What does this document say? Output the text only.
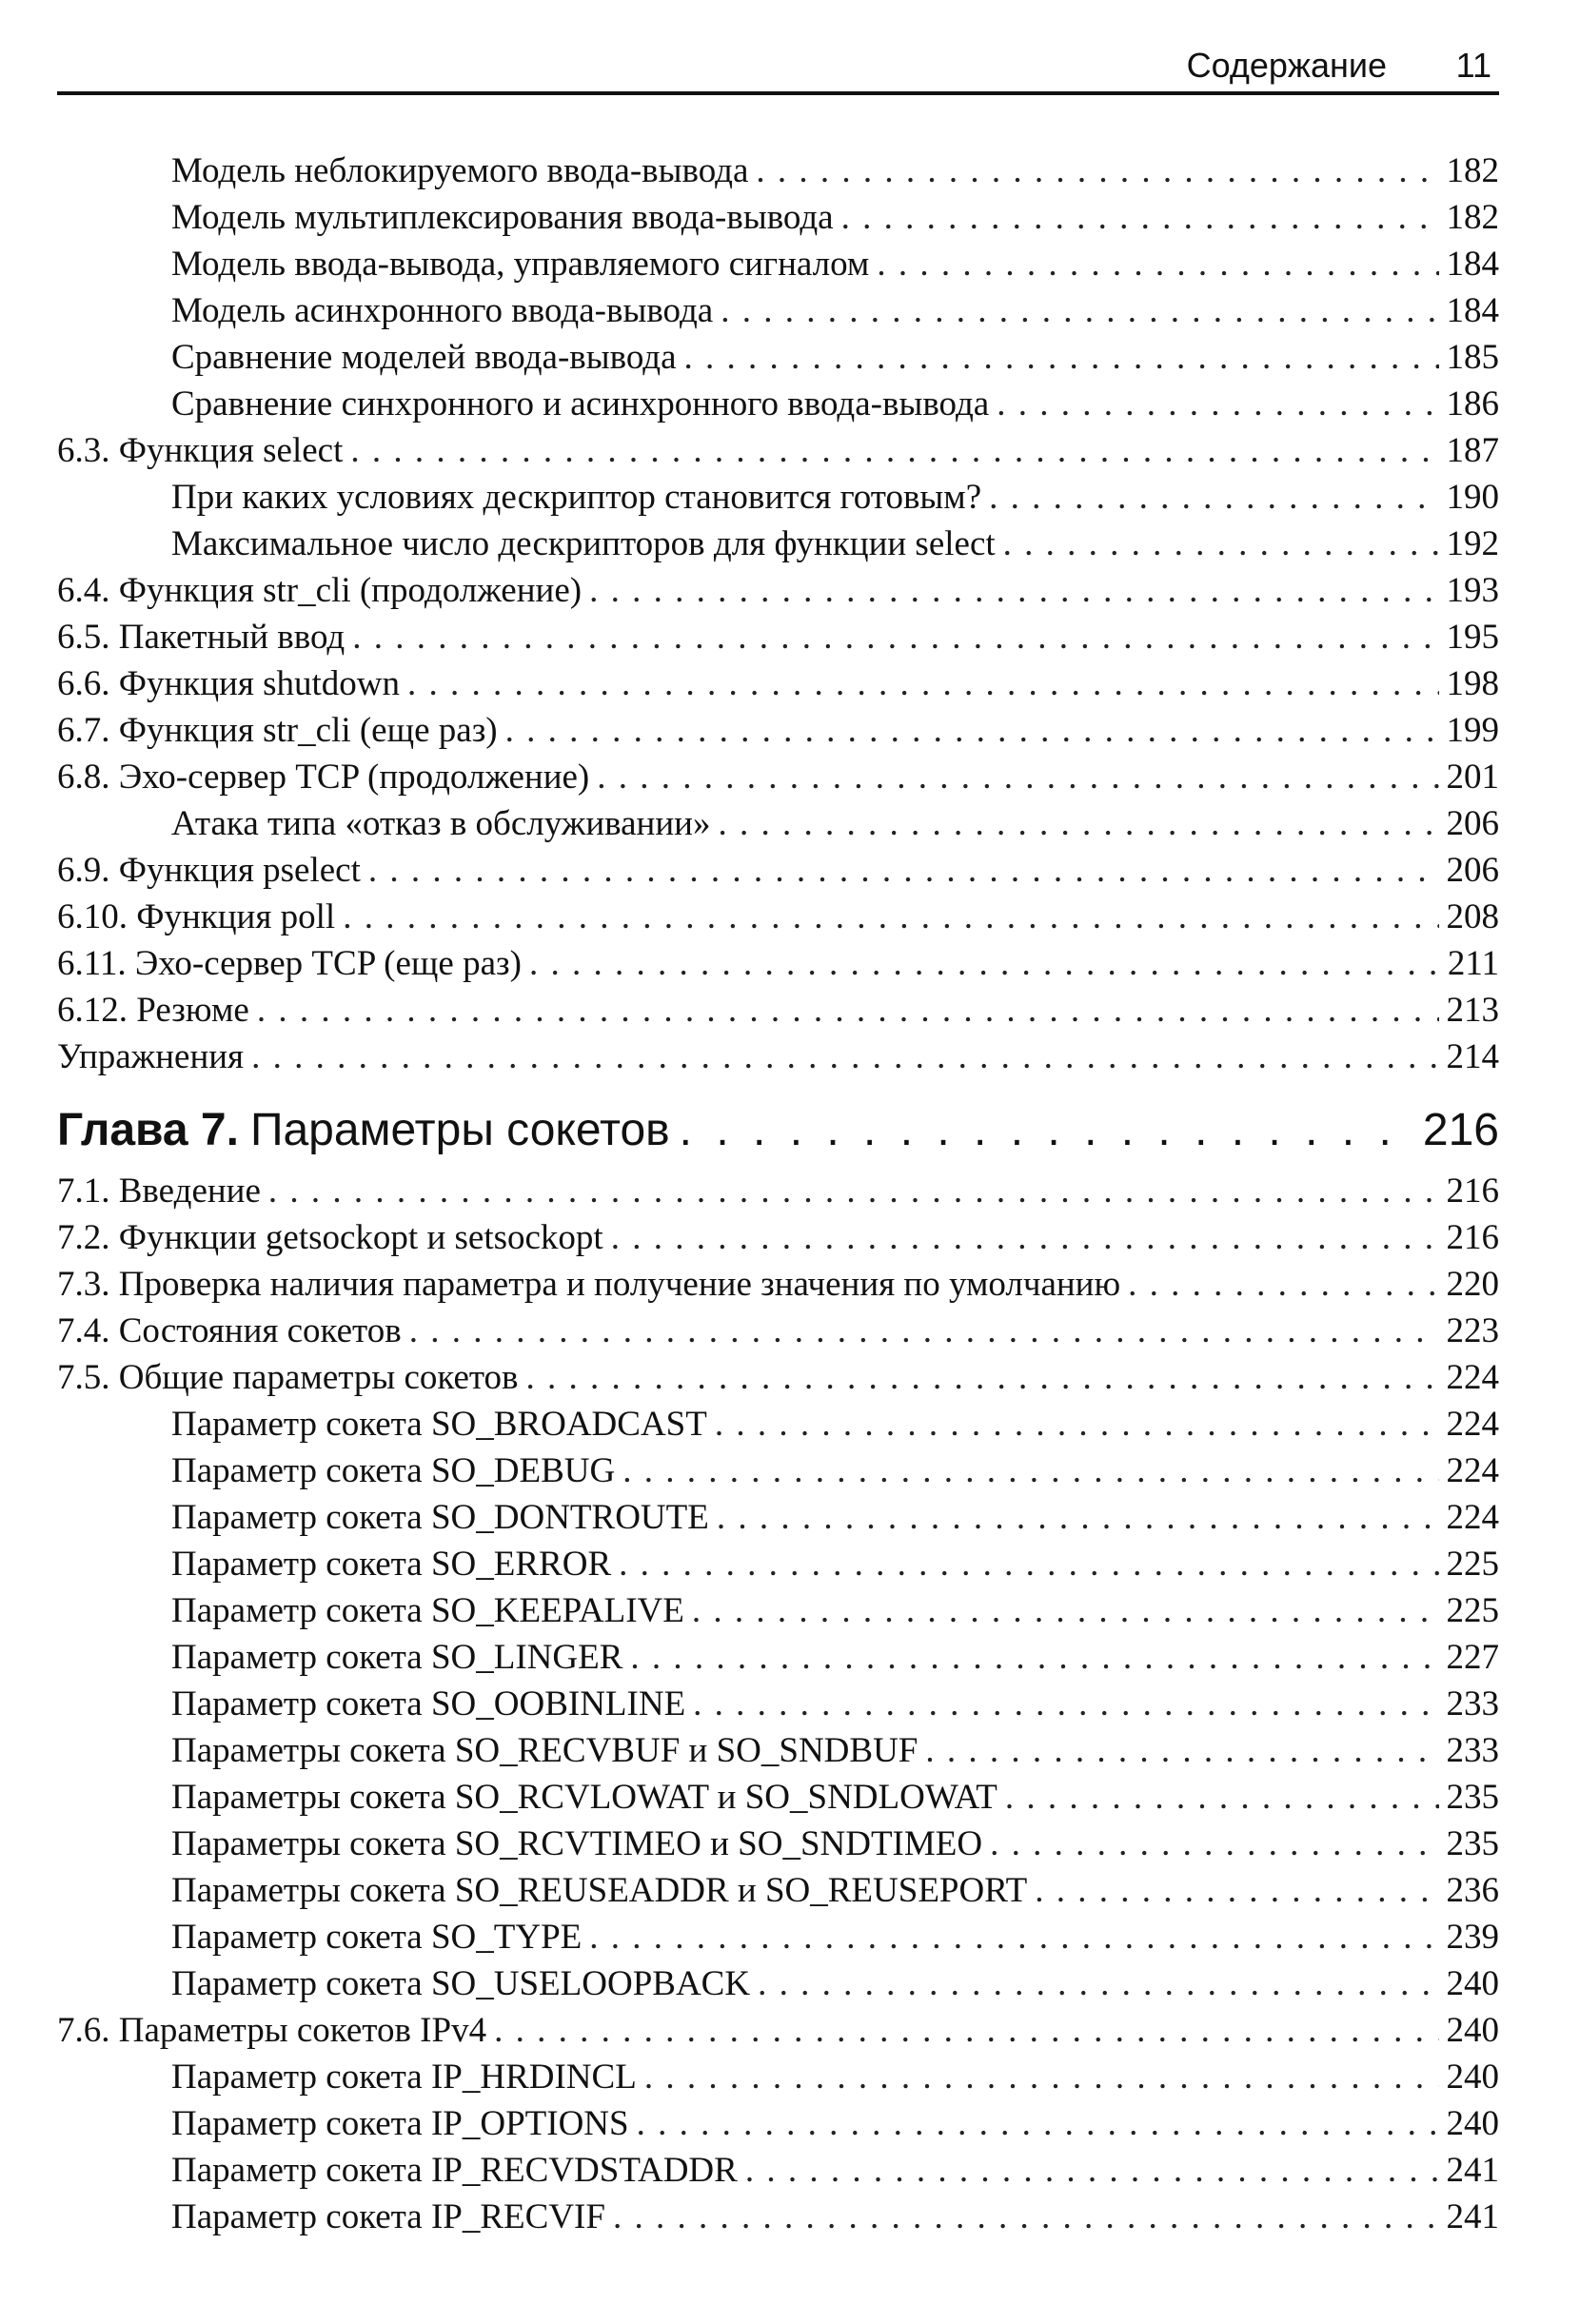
Содержание 11
Модель неблокируемого ввода-вывода . . .	182
Модель мультиплексирования ввода-вывода . . .	182
Модель ввода-вывода, управляемого сигналом . . .	184
Модель асинхронного ввода-вывода . . .	184
Сравнение моделей ввода-вывода . . .	185
Сравнение синхронного и асинхронного ввода-вывода . . .	186
6.3. Функция select . . .	187
При каких условиях дескриптор становится готовым? . . .	190
Максимальное число дескрипторов для функции select . . .	192
6.4. Функция str_cli (продолжение) . . .	193
6.5. Пакетный ввод . . .	195
6.6. Функция shutdown . . .	198
6.7. Функция str_cli (еще раз) . . .	199
6.8. Эхо-сервер TCP (продолжение) . . .	201
Атака типа «отказ в обслуживании» . . .	206
6.9. Функция pselect . . .	206
6.10. Функция poll . . .	208
6.11. Эхо-сервер TCP (еще раз) . . .	211
6.12. Резюме . . .	213
Упражнения . . .	214
Глава 7. Параметры сокетов . . .	216
7.1. Введение . . .	216
7.2. Функции getsockopt и setsockopt . . .	216
7.3. Проверка наличия параметра и получение значения по умолчанию . . .	220
7.4. Состояния сокетов . . .	223
7.5. Общие параметры сокетов . . .	224
Параметр сокета SO_BROADCAST . . .	224
Параметр сокета SO_DEBUG . . .	224
Параметр сокета SO_DONTROUTE . . .	224
Параметр сокета SO_ERROR . . .	225
Параметр сокета SO_KEEPALIVE . . .	225
Параметр сокета SO_LINGER . . .	227
Параметр сокета SO_OOBINLINE . . .	233
Параметры сокета SO_RECVBUF и SO_SNDBUF . . .	233
Параметры сокета SO_RCVLOWAT и SO_SNDLOWAT . . .	235
Параметры сокета SO_RCVTIMEO и SO_SNDTIMEO . . .	235
Параметры сокета SO_REUSEADDR и SO_REUSEPORT . . .	236
Параметр сокета SO_TYPE . . .	239
Параметр сокета SO_USELOOPBACK . . .	240
7.6. Параметры сокетов IPv4 . . .	240
Параметр сокета IP_HRDINCL . . .	240
Параметр сокета IP_OPTIONS . . .	240
Параметр сокета IP_RECVDSTADDR . . .	241
Параметр сокета IP_RECVIF . . .	241
